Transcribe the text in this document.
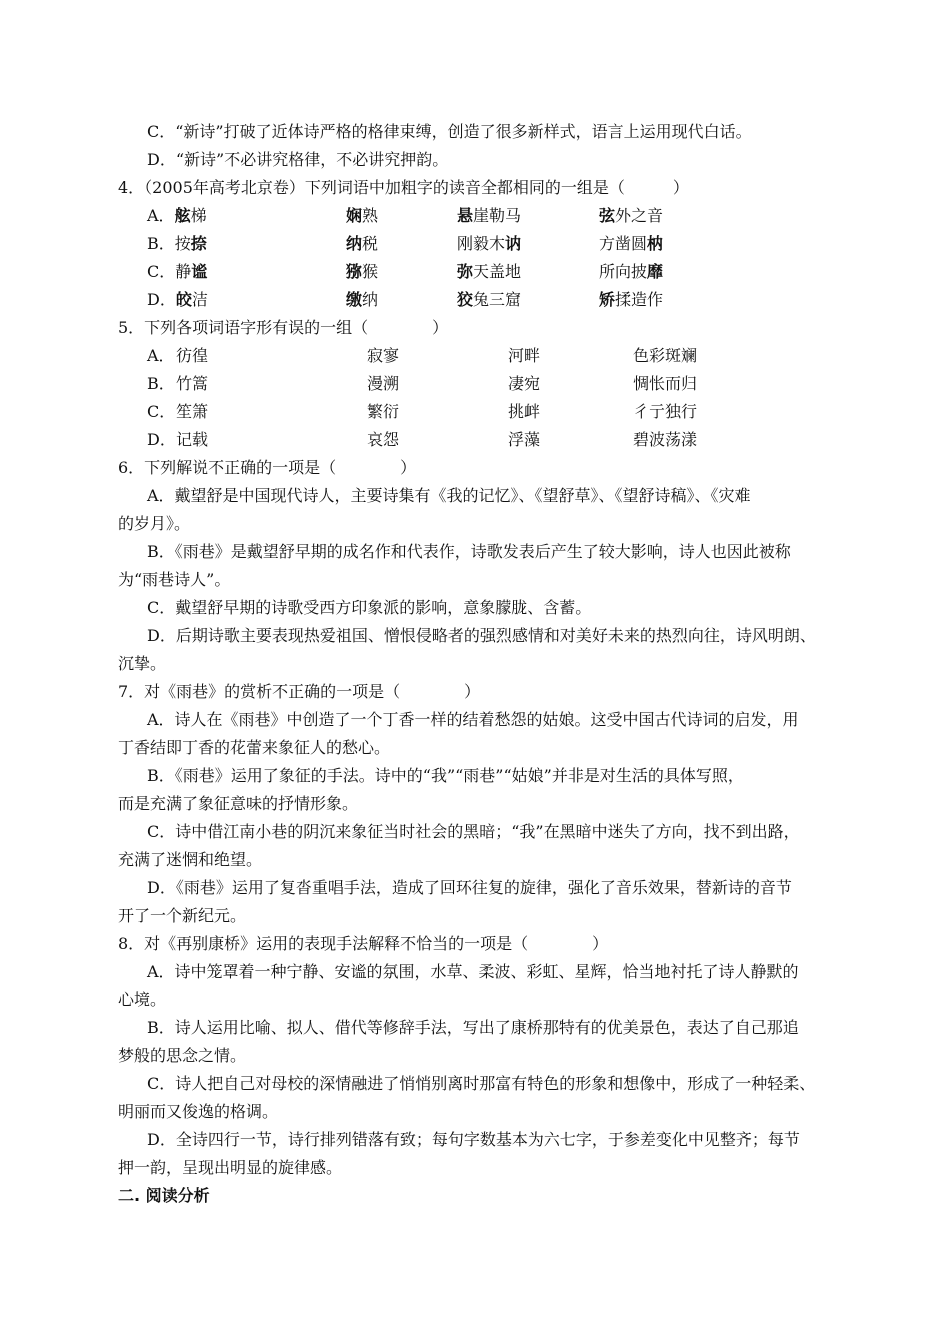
C．“新诗”打破了近体诗严格的格律束缚，创造了很多新样式，语言上运用现代白话。
D．“新诗”不必讲究格律，不必讲究押韵。
4．（2005年高考北京卷）下列词语中加粗字的读音全都相同的一组是（　　　）
A．舷梯	娴熟	悬崖勒马	弦外之音
B．按捺	纳税	刚毅木讷	方凿圆枘
C．静谧	猕猴	弥天盖地	所向披靡
D．皎洁	缴纳	狡兔三窟	矫揉造作
5．下列各项词语字形有误的一组（　　　　）
A． 彷徨	寂寥	河畔	色彩斑斓
B． 竹篙	漫溯	凄宛	惆怅而归
C． 笙箫	繁衍	挑衅	彳亍独行
D． 记载	哀怨	浮藻	碧波荡漾
6．下列解说不正确的一项是（　　　　）
A．戴望舒是中国现代诗人，主要诗集有《我的记忆》、《望舒草》、《望舒诗稿》、《灾难
的岁月》。
B．《雨巷》是戴望舒早期的成名作和代表作，诗歌发表后产生了较大影响，诗人也因此被称
为“雨巷诗人”。
C．戴望舒早期的诗歌受西方印象派的影响，意象朦胧、含蓄。
D．后期诗歌主要表现热爱祖国、憎恨侵略者的强烈感情和对美好未来的热烈向往，诗风明朗、
沉挚。
7．对《雨巷》的赏析不正确的一项是（　　　　）
A．诗人在《雨巷》中创造了一个丁香一样的结着愁怨的姑娘。这受中国古代诗词的启发，用
丁香结即丁香的花蕾来象征人的愁心。
B．《雨巷》运用了象征的手法。诗中的“我”“雨巷”“姑娘”并非是对生活的具体写照，
而是充满了象征意味的抒情形象。
C．诗中借江南小巷的阴沉来象征当时社会的黑暗；“我”在黑暗中迷失了方向，找不到出路，
充满了迷惘和绝望。
D．《雨巷》运用了复沓重唱手法，造成了回环往复的旋律，强化了音乐效果，替新诗的音节
开了一个新纪元。
8．对《再别康桥》运用的表现手法解释不恰当的一项是（　　　　）
A．诗中笼罩着一种宁静、安谧的氛围，水草、柔波、彩虹、星辉，恰当地衬托了诗人静默的
心境。
B．诗人运用比喻、拟人、借代等修辞手法，写出了康桥那特有的优美景色，表达了自己那追
梦般的思念之情。
C．诗人把自己对母校的深情融进了悄悄别离时那富有特色的形象和想像中，形成了一种轻柔、
明丽而又俊逸的格调。
D．全诗四行一节，诗行排列错落有致；每句字数基本为六七字，于参差变化中见整齐；每节
押一韵，呈现出明显的旋律感。
二. 阅读分析
